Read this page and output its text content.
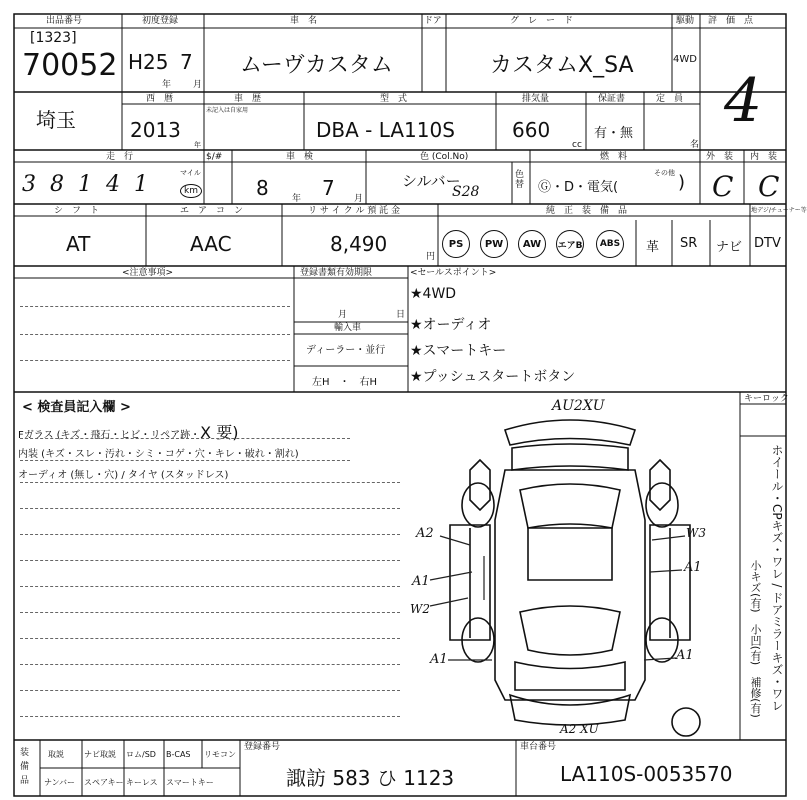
出品番号
[1323]
70052
初度登録
H25 7
年 月
車　名
ムーヴカスタム
ドア	グ　レ　ー　ド
カスタムX_SA
駆動
4WD
評　価　点
4
埼玉
西　暦
2013
年
車　歴
未記入は自家用
型　式
DBA - LA110S
排気量
660
cc
保証書
有・無
定　員
名
走　行
38141	マイル
km
$/#	車　検
8	年 7 月
色 (Col.No)
シルバー
S28
色替
燃　料
Ⓖ・D・電気(
その他 )
外　装
C
内　装
C
シ　フ　ト
AT
エ　ア　コ　ン
AAC
リ サ イ ク ル 預 託 金
8,490
円
純　正　装　備　品	地デジ/チューナー等
PS	PW	AW	エアB	ABS 革 SR ナビ DTV
<注意事項>	登録書類有効期限
月	日
輸入車
ディーラー・並行
左H　・　右H
<セールスポイント>
★4WD
★オーディオ
★スマートキー
★プッシュスタートボタン
< 検査員記入欄 >
Fガラス (キズ・飛石・ヒビ・リペア跡・X 要)
内装 (キズ・スレ・汚れ・シミ・コゲ・穴・キレ・破れ・割れ)
オーディオ (無し・穴) / タイヤ (スタッドレス)
キーロック
ホイール・CPキズ・ワレ / ドアミラーキズ・ワレ
小キズ(有)　小凹(有)　補修(有)
AU2XU
A2
A1
W2
A1
W3
A1
A1
A2 XU
装備品
取説	ナビ取説 ロム/SD B-CAS リモコン
ナンバー スペアキー キーレス スマートキー
登録番号
諏訪 583 ひ 1123
車台番号
LA110S-0053570
